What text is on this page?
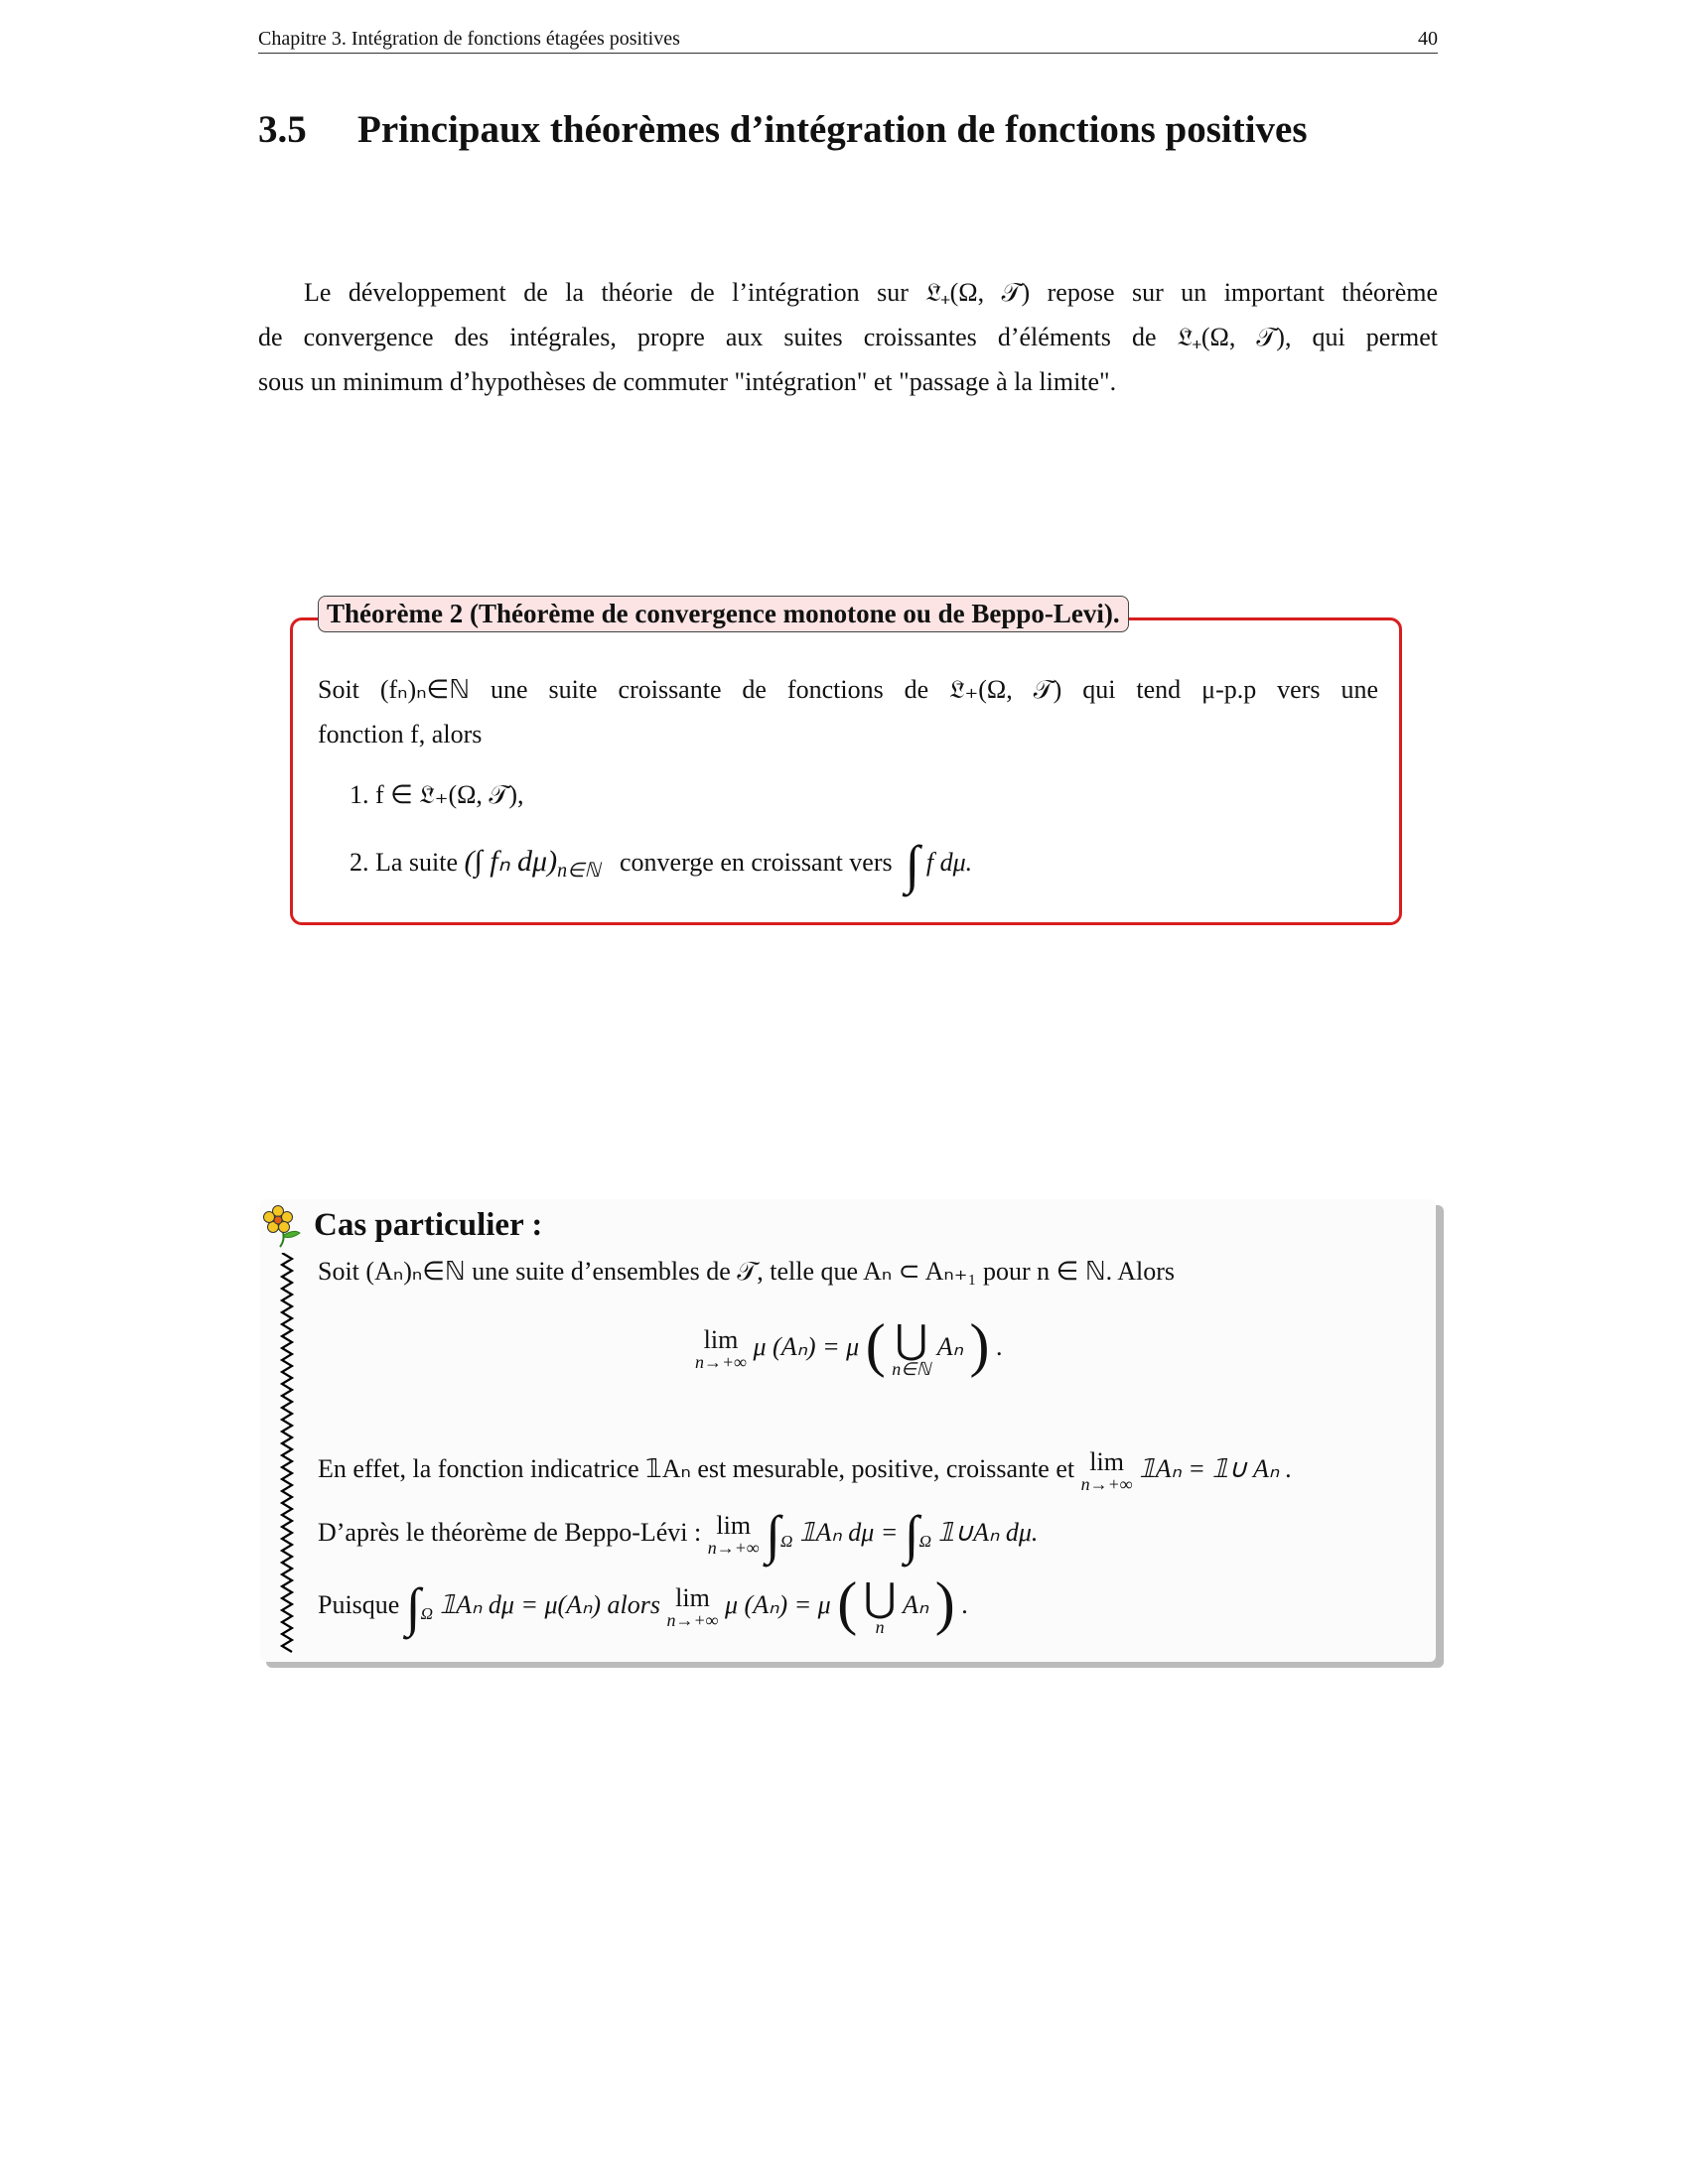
Chapitre 3. Intégration de fonctions étagées positives	40
3.5 Principaux théorèmes d’intégration de fonctions positives
Le développement de la théorie de l’intégration sur 𝔏̄₊(Ω, 𝒯) repose sur un important théorème
de convergence des intégrales, propre aux suites croissantes d’éléments de 𝔏̄₊(Ω, 𝒯), qui permet
sous un minimum d’hypothèses de commuter "intégration" et "passage à la limite".
Théorème 2 (Théorème de convergence monotone ou de Beppo-Levi).
Soit (fₙ)ₙ∈ℕ une suite croissante de fonctions de 𝔏̄₊(Ω, 𝒯) qui tend μ-p.p vers une
fonction f, alors
1. f ∈ 𝔏̄₊(Ω, 𝒯),
2. La suite (∫ fₙ $d\mu)_{n\in ℕ}$ converge en croissant vers ∫ f dμ.
Cas particulier :
Soit (Aₙ)ₙ∈ℕ une suite d’ensembles de 𝒯, telle que Aₙ ⊂ Aₙ₊₁ pour n ∈ ℕ. Alors
lim
n→+∞
μ (Aₙ) = μ ( ⋃
n∈ℕ
Aₙ ) .
En effet, la fonction indicatrice 𝟙Aₙ est mesurable, positive, croissante et lim
n→+∞
𝟙Aₙ = 𝟙∪ Aₙ .
D’après le théorème de Beppo-Lévi : lim
n→+∞ $\int_\Omega$ 𝟙Aₙ $d\mu = \int_\Omega$ 𝟙∪Aₙ dμ.
Puisque $\int_\Omega$ 𝟙Aₙ dμ = μ(Aₙ) alors lim
n→+∞
μ (Aₙ) = μ ( ⋃
n
Aₙ ) .
